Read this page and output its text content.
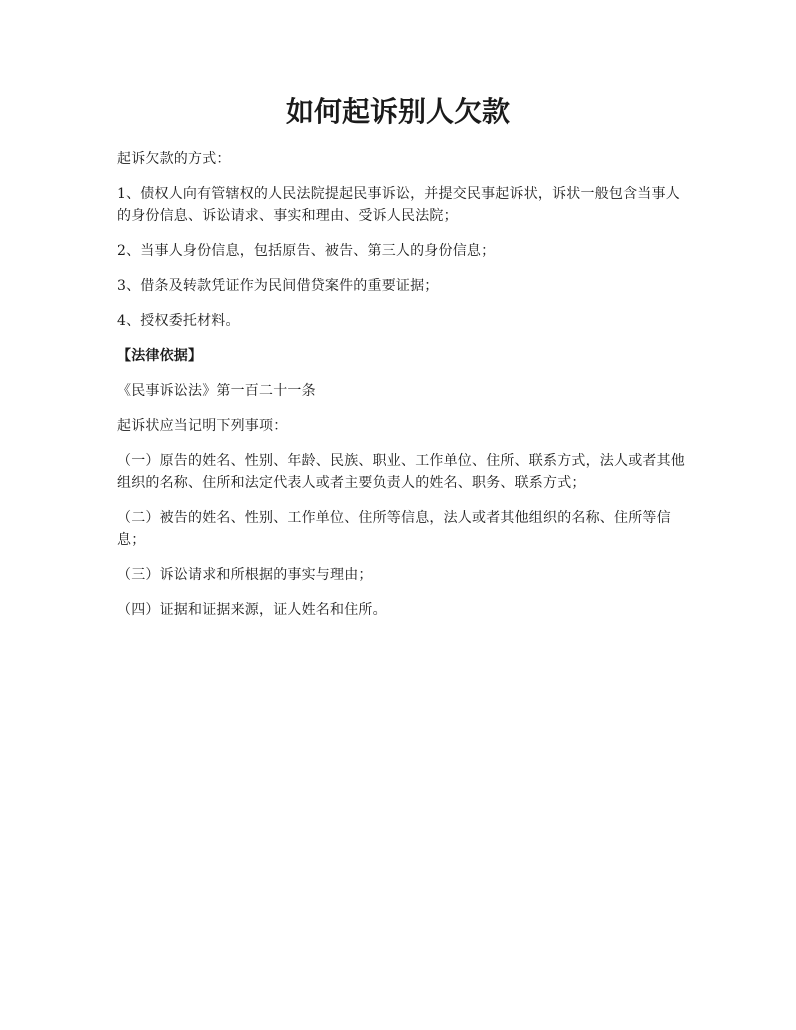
如何起诉别人欠款

起诉欠款的方式：

1、债权人向有管辖权的人民法院提起民事诉讼，并提交民事起诉状，诉状一般包含当事人的身份信息、诉讼请求、事实和理由、受诉人民法院；

2、当事人身份信息，包括原告、被告、第三人的身份信息；

3、借条及转款凭证作为民间借贷案件的重要证据；

4、授权委托材料。

【法律依据】

《民事诉讼法》第一百二十一条

起诉状应当记明下列事项：

（一）原告的姓名、性别、年龄、民族、职业、工作单位、住所、联系方式，法人或者其他组织的名称、住所和法定代表人或者主要负责人的姓名、职务、联系方式；

（二）被告的姓名、性别、工作单位、住所等信息，法人或者其他组织的名称、住所等信息；

（三）诉讼请求和所根据的事实与理由；

（四）证据和证据来源，证人姓名和住所。
